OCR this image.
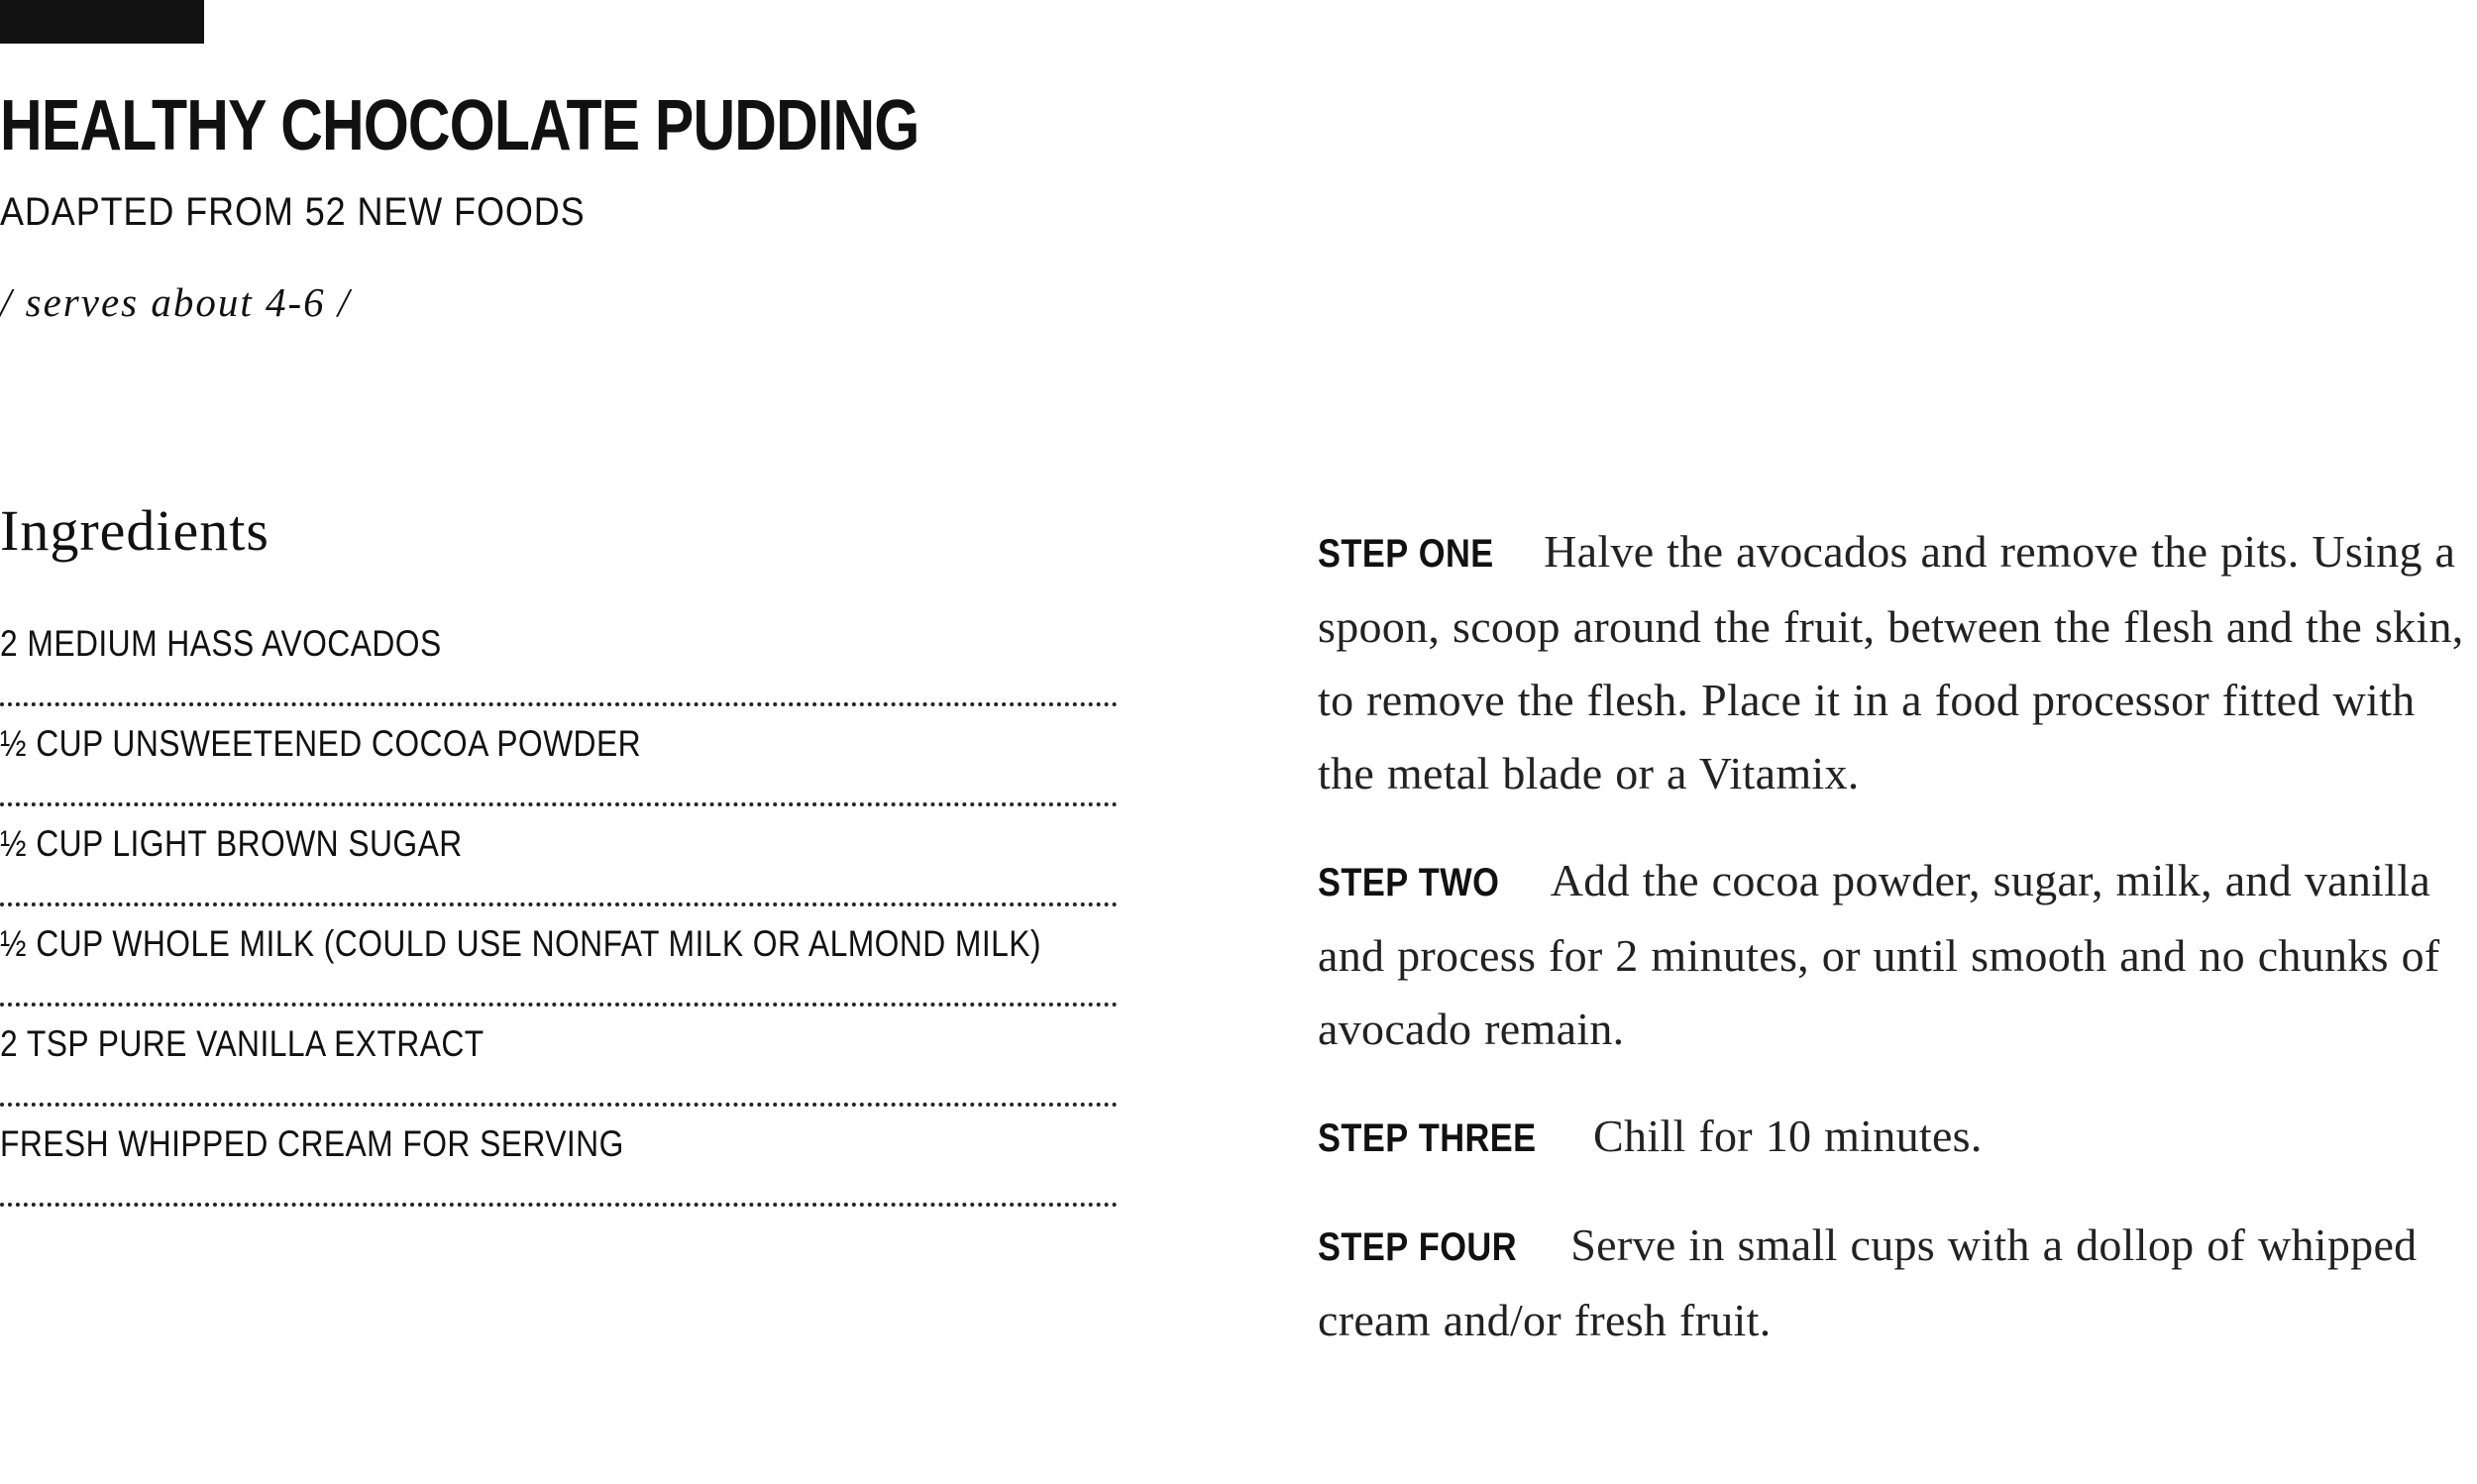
HEALTHY CHOCOLATE PUDDING
ADAPTED FROM 52 NEW FOODS
/ serves about 4-6 /
Ingredients
2 MEDIUM HASS AVOCADOS
½ CUP UNSWEETENED COCOA POWDER
½ CUP LIGHT BROWN SUGAR
½ CUP WHOLE MILK (COULD USE NONFAT MILK OR ALMOND MILK)
2 TSP PURE VANILLA EXTRACT
FRESH WHIPPED CREAM FOR SERVING

STEP ONE Halve the avocados and remove the pits. Using a spoon, scoop around the fruit, between the flesh and the skin, to remove the flesh. Place it in a food processor fitted with the metal blade or a Vitamix.

STEP TWO Add the cocoa powder, sugar, milk, and vanilla and process for 2 minutes, or until smooth and no chunks of avocado remain.

STEP THREE Chill for 10 minutes.

STEP FOUR Serve in small cups with a dollop of whipped cream and/or fresh fruit.
